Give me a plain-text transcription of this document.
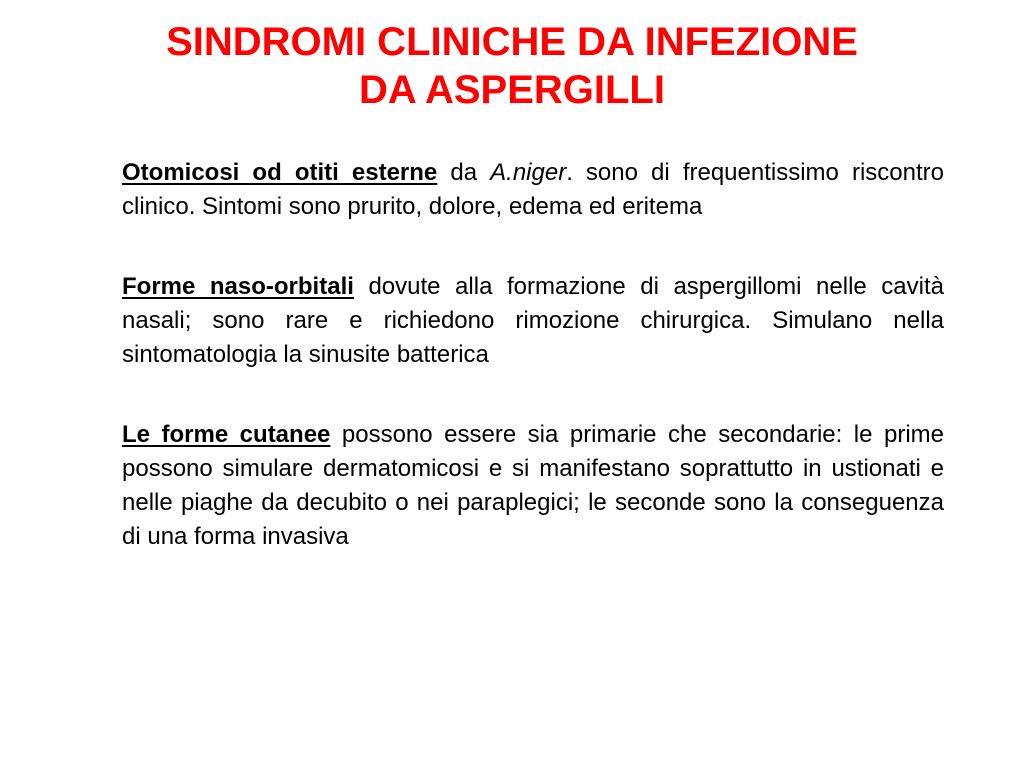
SINDROMI CLINICHE DA INFEZIONE
DA ASPERGILLI

Otomicosi od otiti esterne da A.niger. sono di frequentissimo riscontro clinico. Sintomi sono prurito, dolore, edema ed eritema

Forme naso-orbitali dovute alla formazione di aspergillomi nelle cavità nasali; sono rare e richiedono rimozione chirurgica. Simulano nella sintomatologia la sinusite batterica

Le forme cutanee possono essere sia primarie che secondarie: le prime possono simulare dermatomicosi e si manifestano soprattutto in ustionati e nelle piaghe da decubito o nei paraplegici; le seconde sono la conseguenza di una forma invasiva
